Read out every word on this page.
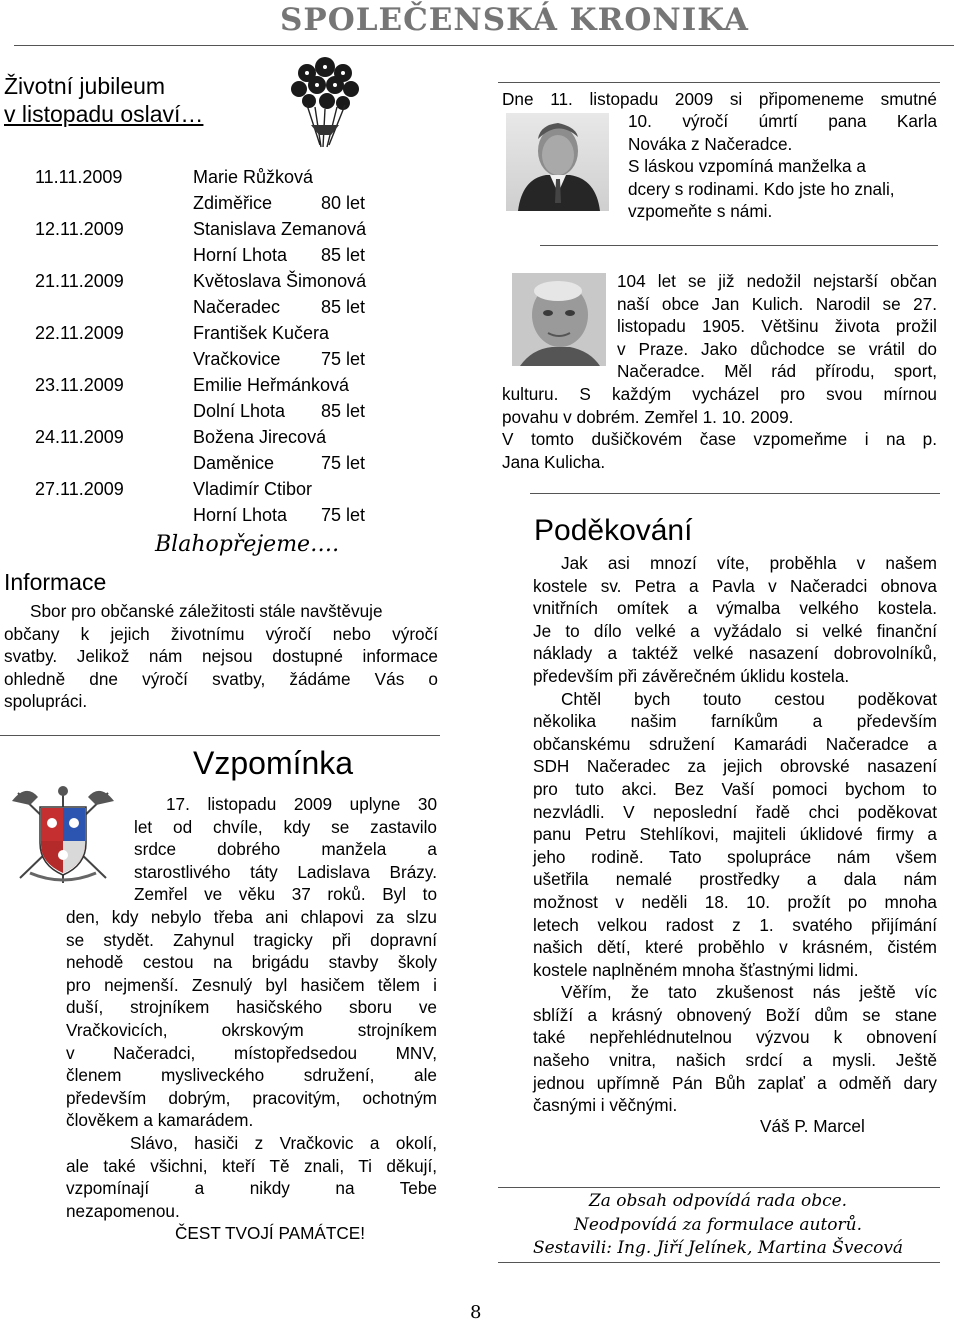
SPOLEČENSKÁ KRONIKA
Životní jubileum
v listopadu oslaví…
11.11.2009	Marie Růžková
Zdiměřice	80 let
12.11.2009	Stanislava Zemanová
Horní Lhota 85 let
21.11.2009	Květoslava Šimonová
Načeradec 85 let
22.11.2009	František Kučera
Vračkovice 75 let
23.11.2009	Emilie Heřmánková
Dolní Lhota 85 let
24.11.2009	Božena Jirecová
Daměnice	75 let
27.11.2009	Vladimír Ctibor
Horní Lhota 75 let
Blahopřejeme….
Informace
Sbor pro občanské záležitosti stále navštěvuje
občany k jejich životnímu výročí nebo výročí
svatby. Jelikož nám nejsou dostupné informace
ohledně dne výročí svatby, žádáme Vás o
spolupráci.
Vzpomínka
17. listopadu 2009 uplyne 30
let od chvíle, kdy se zastavilo
srdce dobrého manžela a
starostlivého táty Ladislava Brázy.
Zemřel ve věku 37 roků. Byl to
den, kdy nebylo třeba ani chlapovi za slzu
se stydět. Zahynul tragicky při dopravní
nehodě cestou na brigádu stavby školy
pro nejmenší. Zesnulý byl hasičem tělem i
duší, strojníkem hasičského sboru ve
Vračkovicích, okrskovým strojníkem
v Načeradci, místopředsedou MNV,
členem mysliveckého sdružení, ale
především dobrým, pracovitým, ochotným
člověkem a kamarádem.
Slávo, hasiči z Vračkovic a okolí,
ale také všichni, kteří Tě znali, Ti děkují,
vzpomínají a nikdy na Tebe
nezapomenou.
ČEST TVOJÍ PAMÁTCE!
Dne 11. listopadu 2009 si připomeneme smutné
10. výročí úmrtí pana Karla
Nováka z Načeradce.
S láskou vzpomíná manželka a
dcery s rodinami. Kdo jste ho znali,
vzpomeňte s námi.
104 let se již nedožil nejstarší občan
naší obce Jan Kulich. Narodil se 27.
listopadu 1905. Většinu života prožil
v Praze. Jako důchodce se vrátil do
Načeradce. Měl rád přírodu, sport,
kulturu. S každým vycházel pro svou mírnou
povahu v dobrém. Zemřel 1. 10. 2009.
V tomto dušičkovém čase vzpomeňme i na p.
Jana Kulicha.
Poděkování
Jak asi mnozí víte, proběhla v našem
kostele sv. Petra a Pavla v Načeradci obnova
vnitřních omítek a výmalba velkého kostela.
Je to dílo velké a vyžádalo si velké finanční
náklady a taktéž velké nasazení dobrovolníků,
především při závěrečném úklidu kostela.
Chtěl bych touto cestou poděkovat
několika našim farníkům a především
občanskému sdružení Kamarádi Načeradce a
SDH Načeradec za jejich obrovské nasazení
pro tuto akci. Bez Vaší pomoci bychom to
nezvládli. V neposlední řadě chci poděkovat
panu Petru Stehlíkovi, majiteli úklidové firmy a
jeho rodině. Tato spolupráce nám všem
ušetřila nemalé prostředky a dala nám
možnost v neděli 18. 10. prožít po mnoha
letech velkou radost z 1. svatého přijímání
našich dětí, které proběhlo v krásném, čistém
kostele naplněném mnoha šťastnými lidmi.
Věřím, že tato zkušenost nás ještě víc
sblíží a krásný obnovený Boží dům se stane
také nepřehlédnutelnou výzvou k obnovení
našeho vnitra, našich srdcí a mysli. Ještě
jednou upřímně Pán Bůh zaplať a odměň dary
časnými i věčnými.
Váš P. Marcel
Za obsah odpovídá rada obce.
Neodpovídá za formulace autorů.
Sestavili: Ing. Jiří Jelínek, Martina Švecová
8
